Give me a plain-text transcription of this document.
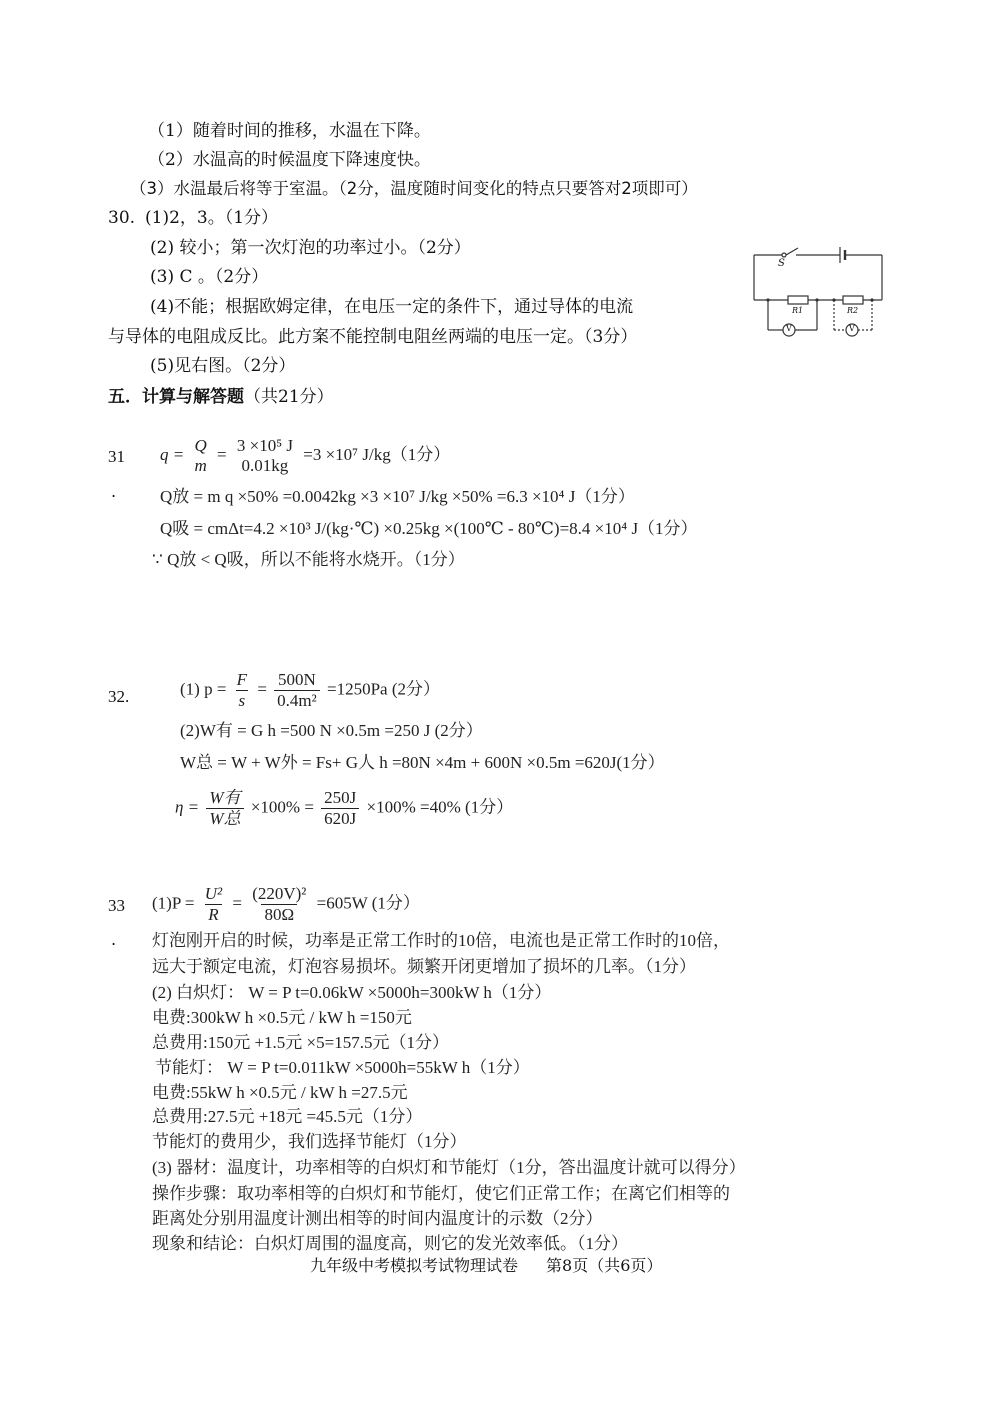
（1）随着时间的推移，水温在下降。
（2）水温高的时候温度下降速度快。
（3）水温最后将等于室温。（2分，温度随时间变化的特点只要答对2项即可）
30. (1)2，3。（1分）
(2) 较小；第一次灯泡的功率过小。（2分）
(3) C 。（2分）
(4)不能；根据欧姆定律，在电压一定的条件下，通过导体的电流
与导体的电阻成反比。此方案不能控制电阻丝两端的电压一定。（3分）
(5)见右图。（2分）
S
R1	R2
V	V
五．计算与解答题（共21分）
31
.
q = Q
m
= 3 ×10⁵ J
0.01kg
=3 ×10⁷ J/kg（1分）
Q放 = m q ×50% =0.0042kg ×3 ×10⁷ J/kg ×50% =6.3 ×10⁴ J（1分）
Q吸 = cmΔt=4.2 ×10³ J/(kg·℃) ×0.25kg ×(100℃ - 80℃)=8.4 ×10⁴ J（1分）
∵ Q放 < Q吸，所以不能将水烧开。（1分）
32.	(1) $p = \frac{F}{s} = \frac{500N}{\text{0.4m²}} =1250Pa$ (2分）
(2)W有 = G h =500 N ×0.5m =250 J (2分）
W总 = W + W外 = Fs+ G人 h =80N ×4m + 600N ×0.5m =620J(1分）
$\eta = \frac{\text{W有}}{\text{W总}} \times 100\% = \frac{250J}{620J} \times 100\% =40\%$ (1分）
33
.
$(1)P = \frac{\text{U²}}{R} = \frac{\text{(220V)²}}{80\Omega} =605W$ (1分）
灯泡刚开启的时候，功率是正常工作时的10倍，电流也是正常工作时的10倍，
远大于额定电流，灯泡容易损坏。频繁开闭更增加了损坏的几率。（1分）
(2) 白炽灯： W = P t=0.06kW ×5000h=300kW h（1分）
电费:300kW h ×0.5元 / kW h =150元
总费用:150元 +1.5元 ×5=157.5元（1分）
节能灯： W = P t=0.011kW ×5000h=55kW h（1分）
电费:55kW h ×0.5元 / kW h =27.5元
总费用:27.5元 +18元 =45.5元（1分）
节能灯的费用少，我们选择节能灯（1分）
(3) 器材：温度计，功率相等的白炽灯和节能灯（1分，答出温度计就可以得分）
操作步骤：取功率相等的白炽灯和节能灯，使它们正常工作；在离它们相等的
距离处分别用温度计测出相等的时间内温度计的示数（2分）
现象和结论：白炽灯周围的温度高，则它的发光效率低。（1分）
九年级中考模拟考试物理试卷 第8页（共6页）
